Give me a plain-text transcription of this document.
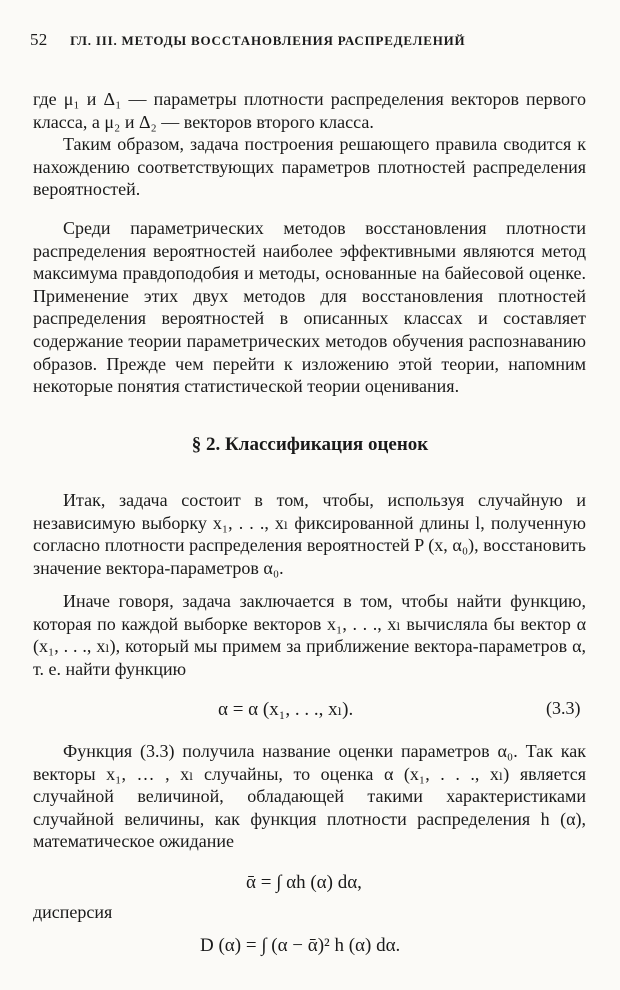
52 ГЛ. III. МЕТОДЫ ВОССТАНОВЛЕНИЯ РАСПРЕДЕЛЕНИЙ

где μ₁ и Δ₁ — параметры плотности распределения векторов первого класса, а μ₂ и Δ₂ — векторов второго класса.

Таким образом, задача построения решающего правила сводится к нахождению соответствующих параметров плотностей распределения вероятностей.

Среди параметрических методов восстановления плотности распределения вероятностей наиболее эффективными являются метод максимума правдоподобия и методы, основанные на байесовой оценке. Применение этих двух методов для восстановления плотностей распределения вероятностей в описанных классах и составляет содержание теории параметрических методов обучения распознаванию образов. Прежде чем перейти к изложению этой теории, напомним некоторые понятия статистической теории оценивания.

§ 2. Классификация оценок

Итак, задача состоит в том, чтобы, используя случайную и независимую выборку x₁, . . ., xₗ фиксированной длины l, полученную согласно плотности распределения вероятностей P (x, α₀), восстановить значение вектора-параметров α₀.

Иначе говоря, задача заключается в том, чтобы найти функцию, которая по каждой выборке векторов x₁, . . ., xₗ вычисляла бы вектор α (x₁, . . ., xₗ), который мы примем за приближение вектора-параметров α, т. е. найти функцию

α = α (x₁, . . ., xₗ).	(3.3)

Функция (3.3) получила название оценки параметров α₀. Так как векторы x₁, … , xₗ случайны, то оценка α (x₁, . . ., xₗ) является случайной величиной, обладающей такими характеристиками случайной величины, как функция плотности распределения h (α), математическое ожидание

ᾱ = ∫ αh (α) dα,
дисперсия
D (α) = ∫ (α − ᾱ)² h (α) dα.
